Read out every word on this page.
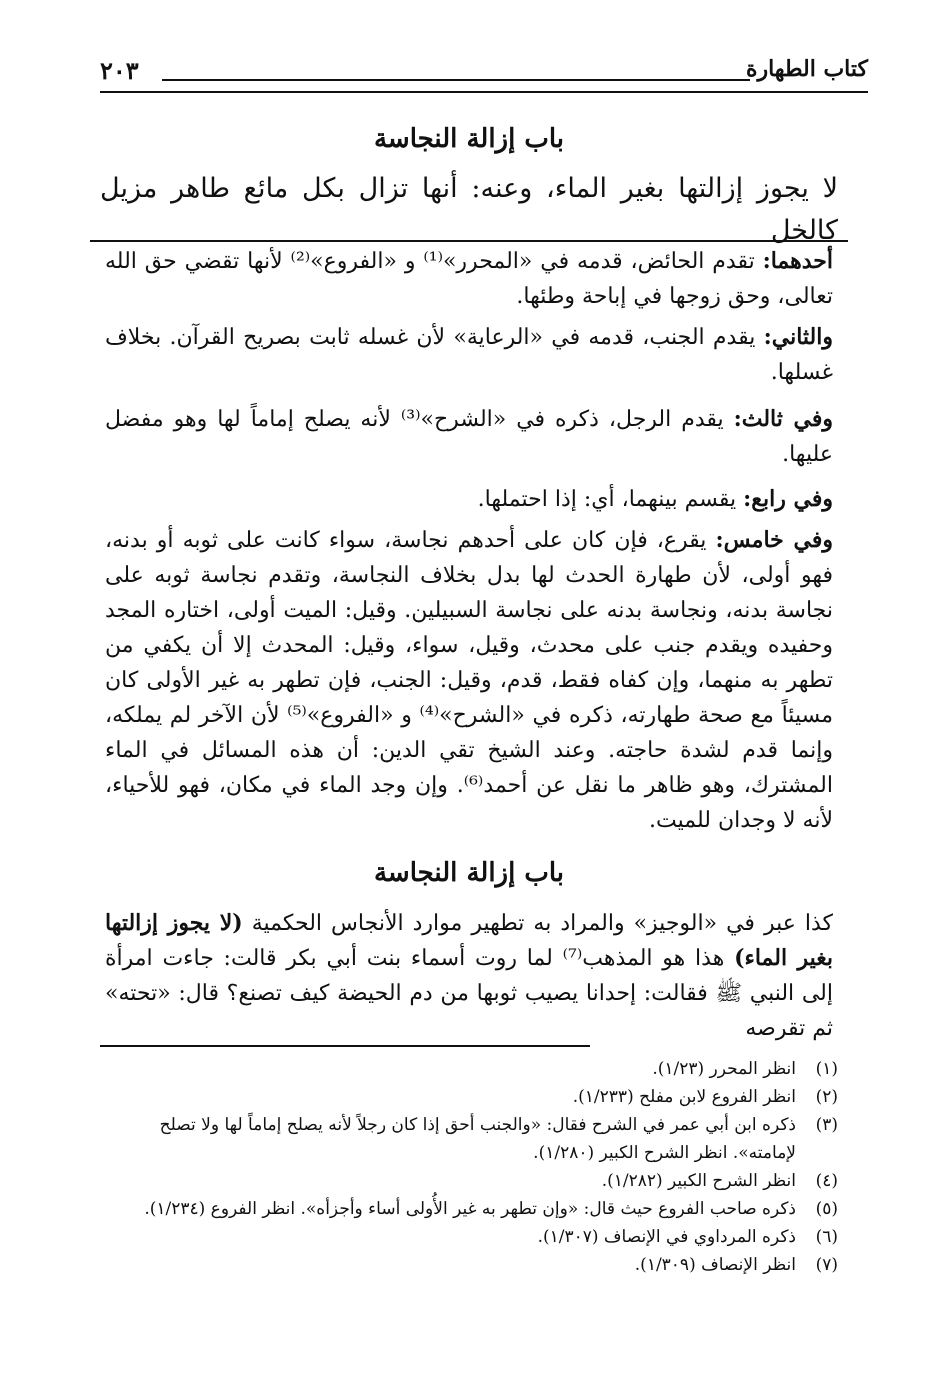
كتاب الطهارة
٢٠٣
باب إزالة النجاسة
لا يجوز إزالتها بغير الماء، وعنه: أنها تزال بكل مائع طاهر مزيل كالخل

أحدهما: تقدم الحائض، قدمه في «المحرر»⁽¹⁾ و «الفروع»⁽²⁾ لأنها تقضي حق الله تعالى، وحق زوجها في إباحة وطئها.

والثاني: يقدم الجنب، قدمه في «الرعاية» لأن غسله ثابت بصريح القرآن. بخلاف غسلها.

وفي ثالث: يقدم الرجل، ذكره في «الشرح»⁽³⁾ لأنه يصلح إماماً لها وهو مفضل عليها.

وفي رابع: يقسم بينهما، أي: إذا احتملها.

وفي خامس: يقرع، فإن كان على أحدهم نجاسة، سواء كانت على ثوبه أو بدنه، فهو أولى، لأن طهارة الحدث لها بدل بخلاف النجاسة، وتقدم نجاسة ثوبه على نجاسة بدنه، ونجاسة بدنه على نجاسة السبيلين. وقيل: الميت أولى، اختاره المجد وحفيده ويقدم جنب على محدث، وقيل، سواء، وقيل: المحدث إلا أن يكفي من تطهر به منهما، وإن كفاه فقط، قدم، وقيل: الجنب، فإن تطهر به غير الأولى كان مسيئاً مع صحة طهارته، ذكره في «الشرح»⁽⁴⁾ و «الفروع»⁽⁵⁾ لأن الآخر لم يملكه، وإنما قدم لشدة حاجته. وعند الشيخ تقي الدين: أن هذه المسائل في الماء المشترك، وهو ظاهر ما نقل عن أحمد⁽⁶⁾. وإن وجد الماء في مكان، فهو للأحياء، لأنه لا وجدان للميت.

باب إزالة النجاسة

كذا عبر في «الوجيز» والمراد به تطهير موارد الأنجاس الحكمية (لا يجوز إزالتها بغير الماء) هذا هو المذهب⁽⁷⁾ لما روت أسماء بنت أبي بكر قالت: جاءت امرأة إلى النبي ﷺ فقالت: إحدانا يصيب ثوبها من دم الحيضة كيف تصنع؟ قال: «تحته» ثم تقرصه

(١)
انظر المحرر (١/٢٣).
(٢)
انظر الفروع لابن مفلح (١/٢٣٣).
(٣)
ذكره ابن أبي عمر في الشرح فقال: «والجنب أحق إذا كان رجلاً لأنه يصلح إماماً لها ولا تصلح لإمامته». انظر الشرح الكبير (١/٢٨٠).
(٤)
انظر الشرح الكبير (١/٢٨٢).
(٥)
ذكره صاحب الفروع حيث قال: «وإن تطهر به غير الأُولى أساء وأجزأه». انظر الفروع (١/٢٣٤).
(٦)
ذكره المرداوي في الإنصاف (١/٣٠٧).
(٧)
انظر الإنصاف (١/٣٠٩).
